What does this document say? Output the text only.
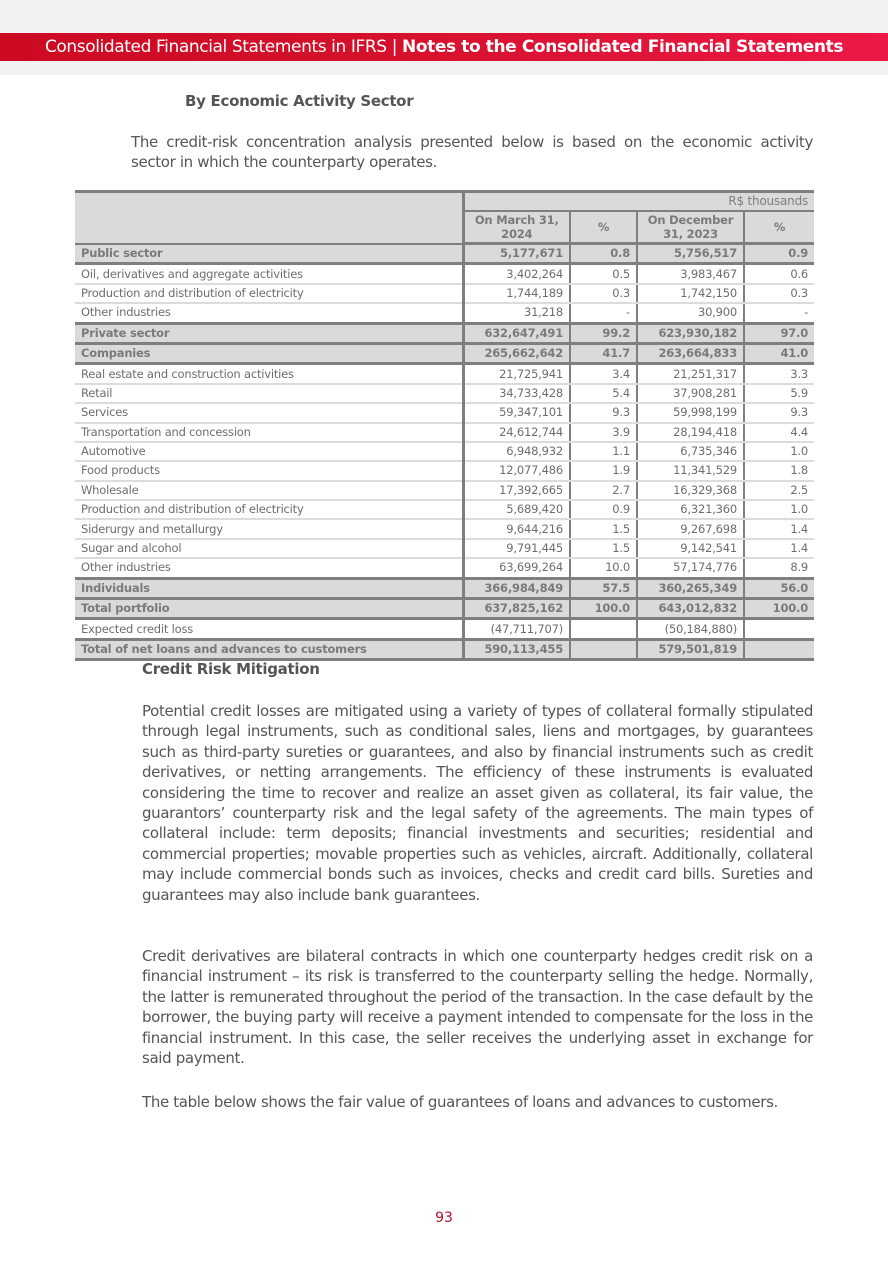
Consolidated Financial Statements in IFRS | Notes to the Consolidated Financial Statements
By Economic Activity Sector

The credit-risk concentration analysis presented below is based on the economic activity sector in which the counterparty operates.

	R$ thousands			
	On March 31, 2024	%	On December 31, 2023	%
Public sector	5,177,671	0.8	5,756,517	0.9
Oil, derivatives and aggregate activities	3,402,264	0.5	3,983,467	0.6
Production and distribution of electricity	1,744,189	0.3	1,742,150	0.3
Other industries	31,218	-	30,900	-
Private sector	632,647,491	99.2	623,930,182	97.0
Companies	265,662,642	41.7	263,664,833	41.0
Real estate and construction activities	21,725,941	3.4	21,251,317	3.3
Retail	34,733,428	5.4	37,908,281	5.9
Services	59,347,101	9.3	59,998,199	9.3
Transportation and concession	24,612,744	3.9	28,194,418	4.4
Automotive	6,948,932	1.1	6,735,346	1.0
Food products	12,077,486	1.9	11,341,529	1.8
Wholesale	17,392,665	2.7	16,329,368	2.5
Production and distribution of electricity	5,689,420	0.9	6,321,360	1.0
Siderurgy and metallurgy	9,644,216	1.5	9,267,698	1.4
Sugar and alcohol	9,791,445	1.5	9,142,541	1.4
Other industries	63,699,264	10.0	57,174,776	8.9
Individuals	366,984,849	57.5	360,265,349	56.0
Total portfolio	637,825,162	100.0	643,012,832	100.0
Expected credit loss	(47,711,707)		(50,184,880)	
Total of net loans and advances to customers	590,113,455		579,501,819	
Credit Risk Mitigation

Potential credit losses are mitigated using a variety of types of collateral formally stipulated through legal instruments, such as conditional sales, liens and mortgages, by guarantees such as third-party sureties or guarantees, and also by financial instruments such as credit derivatives, or netting arrangements. The efficiency of these instruments is evaluated considering the time to recover and realize an asset given as collateral, its fair value, the guarantors’ counterparty risk and the legal safety of the agreements. The main types of collateral include: term deposits; financial investments and securities; residential and commercial properties; movable properties such as vehicles, aircraft. Additionally, collateral may include commercial bonds such as invoices, checks and credit card bills. Sureties and guarantees may also include bank guarantees.

Credit derivatives are bilateral contracts in which one counterparty hedges credit risk on a financial instrument – its risk is transferred to the counterparty selling the hedge. Normally, the latter is remunerated throughout the period of the transaction. In the case default by the borrower, the buying party will receive a payment intended to compensate for the loss in the financial instrument. In this case, the seller receives the underlying asset in exchange for said payment.

The table below shows the fair value of guarantees of loans and advances to customers.

93
